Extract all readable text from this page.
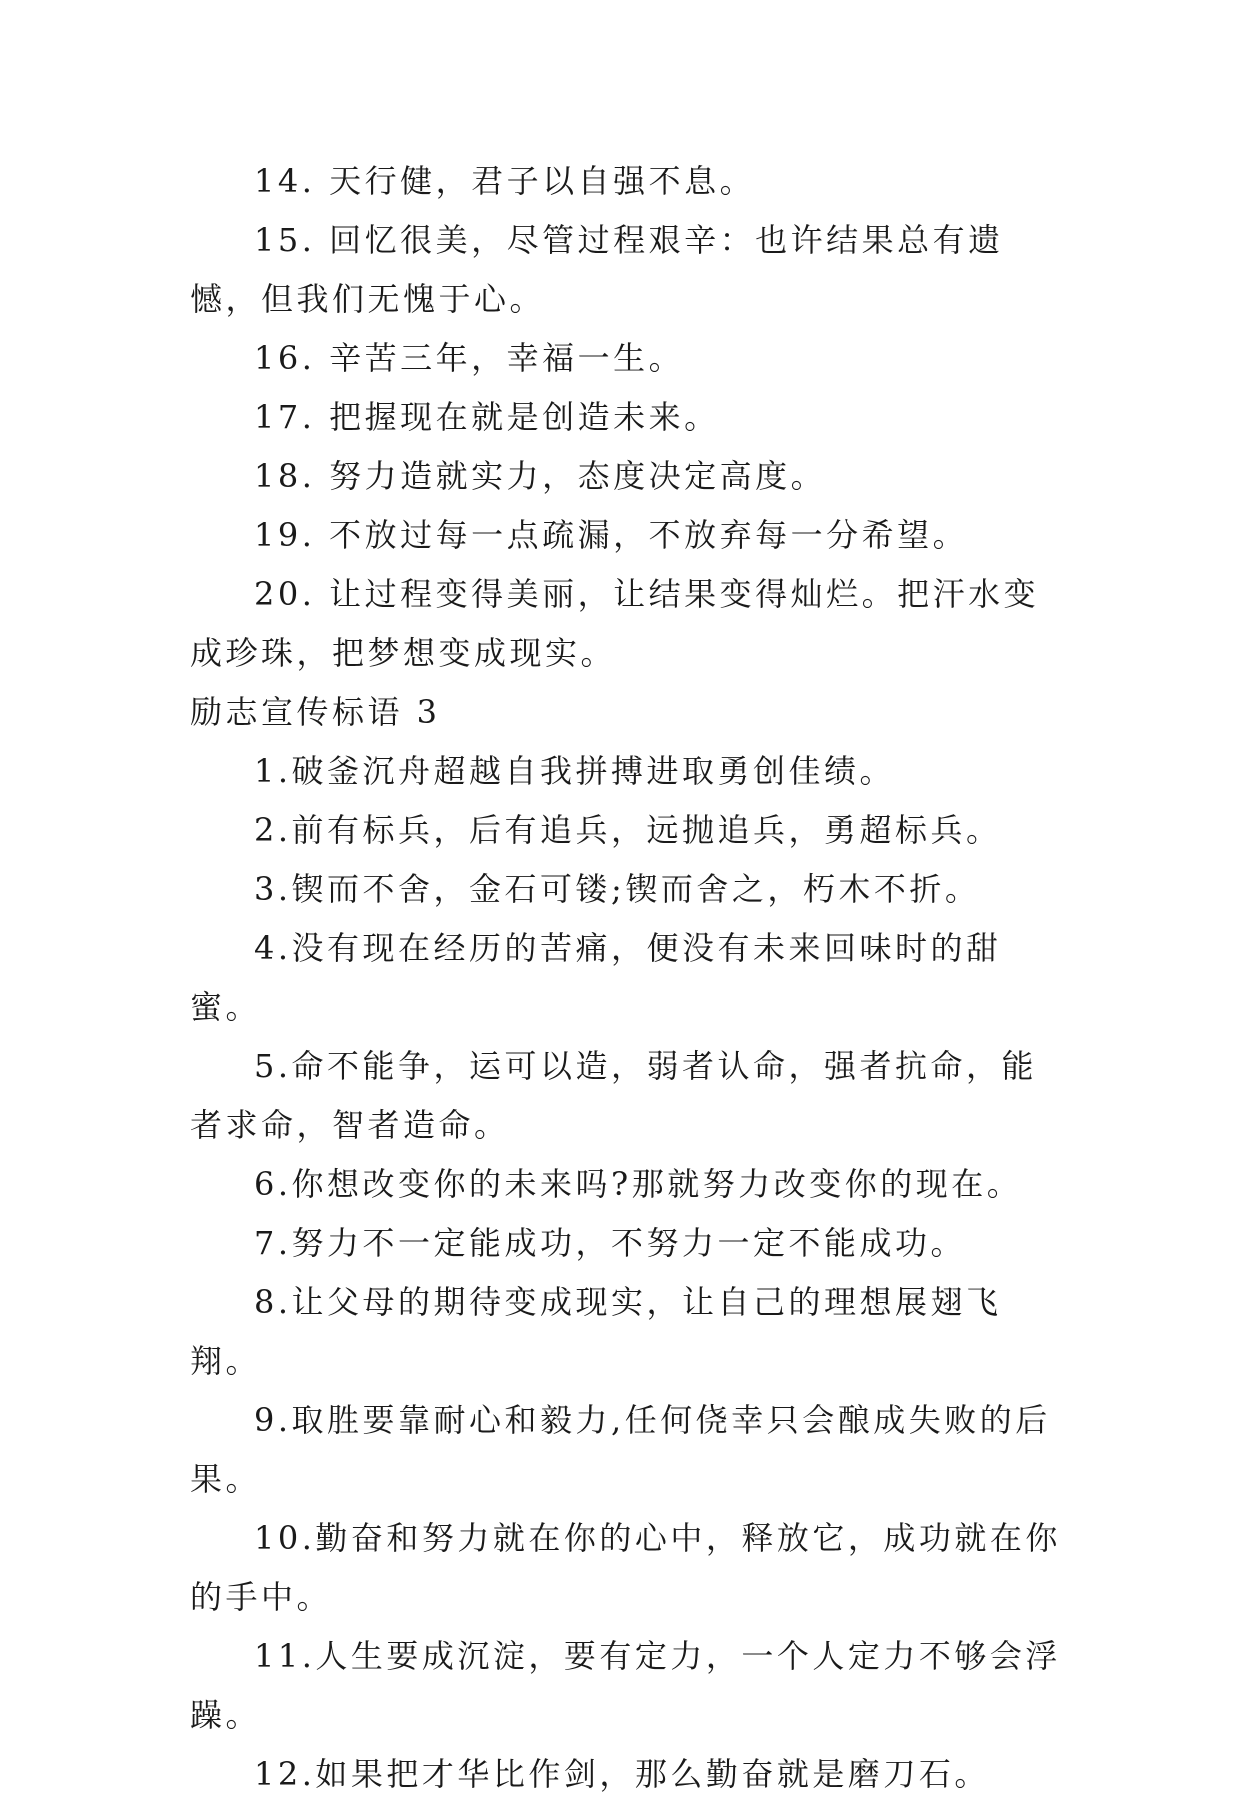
14. 天行健，君子以自强不息。

15. 回忆很美，尽管过程艰辛：也许结果总有遗憾，但我们无愧于心。

16. 辛苦三年，幸福一生。

17. 把握现在就是创造未来。

18. 努力造就实力，态度决定高度。

19. 不放过每一点疏漏，不放弃每一分希望。

20. 让过程变得美丽，让结果变得灿烂。把汗水变成珍珠，把梦想变成现实。

励志宣传标语 3

1.破釜沉舟超越自我拼搏进取勇创佳绩。

2.前有标兵，后有追兵，远抛追兵，勇超标兵。

3.锲而不舍，金石可镂;锲而舍之，朽木不折。

4.没有现在经历的苦痛，便没有未来回味时的甜蜜。

5.命不能争，运可以造，弱者认命，强者抗命，能者求命，智者造命。

6.你想改变你的未来吗?那就努力改变你的现在。

7.努力不一定能成功，不努力一定不能成功。

8.让父母的期待变成现实，让自己的理想展翅飞翔。

9.取胜要靠耐心和毅力,任何侥幸只会酿成失败的后果。

10.勤奋和努力就在你的心中，释放它，成功就在你的手中。

11.人生要成沉淀，要有定力，一个人定力不够会浮躁。

12.如果把才华比作剑，那么勤奋就是磨刀石。
